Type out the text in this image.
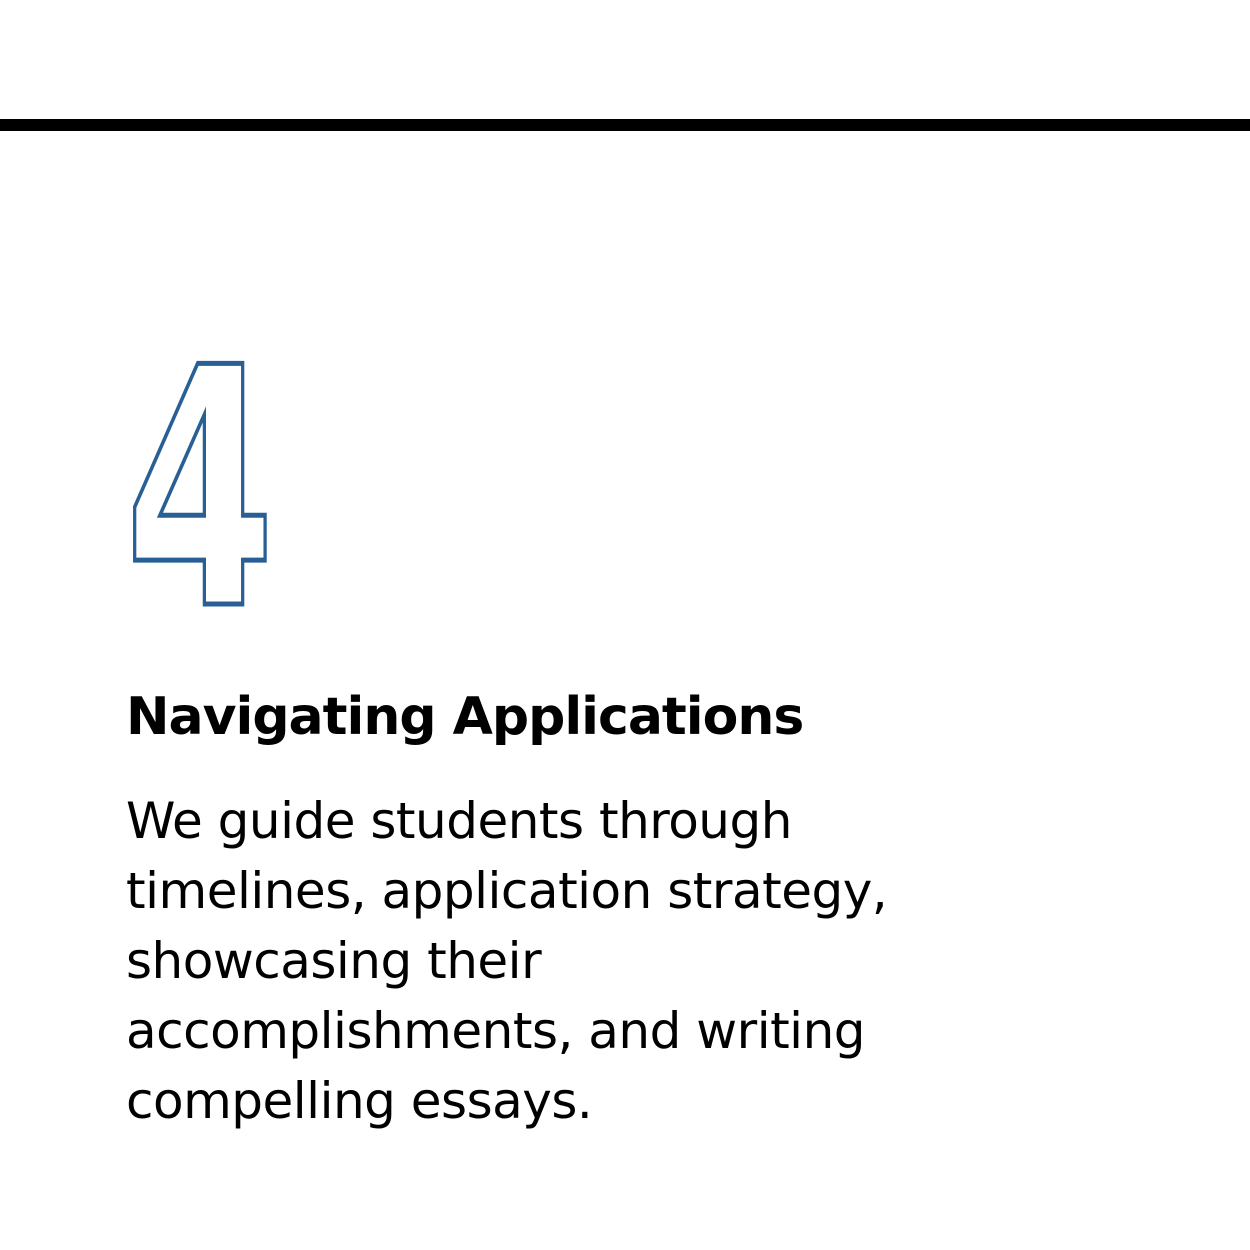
4
Navigating Applications

We guide students through
timelines, application strategy,
showcasing their
accomplishments, and writing
compelling essays.
